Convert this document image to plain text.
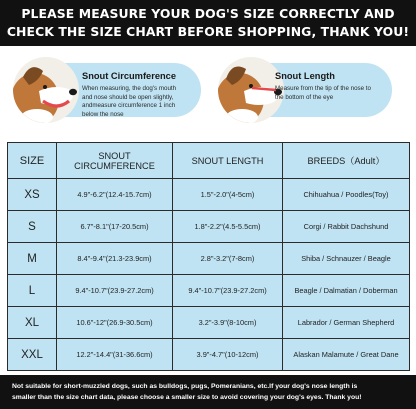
PLEASE MEASURE YOUR DOG'S SIZE CORRECTLY AND
CHECK THE SIZE CHART BEFORE SHOPPING, THANK YOU!
Snout Circumference
When measuring, the dog's mouth and nose should be open slightly, andmeasure circumference 1 inch below the nose
Snout Length
Measure from the tip of the nose to the bottom of the eye
SIZE	SNOUT CIRCUMFERENCE	SNOUT LENGTH	BREEDS（Adult）
XS	4.9"-6.2"(12.4-15.7cm)	1.5"-2.0"(4-5cm)	Chihuahua / Poodles(Toy)
S	6.7"-8.1"(17-20.5cm)	1.8"-2.2"(4.5-5.5cm)	Corgi / Rabbit Dachshund
M	8.4"-9.4"(21.3-23.9cm)	2.8"-3.2"(7-8cm)	Shiba / Schnauzer / Beagle
L	9.4"-10.7"(23.9-27.2cm)	9.4"-10.7"(23.9-27.2cm)	Beagle / Dalmatian / Doberman
XL	10.6"-12"(26.9-30.5cm)	3.2"-3.9"(8-10cm)	Labrador / German Shepherd
XXL	12.2"-14.4"(31-36.6cm)	3.9"-4.7"(10-12cm)	Alaskan Malamute / Great Dane
Not suitable for short-muzzled dogs, such as bulldogs, pugs, Pomeranians, etc.If your dog's nose length is
smaller than the size chart data, please choose a smaller size to avoid covering your dog's eyes. Thank you!
